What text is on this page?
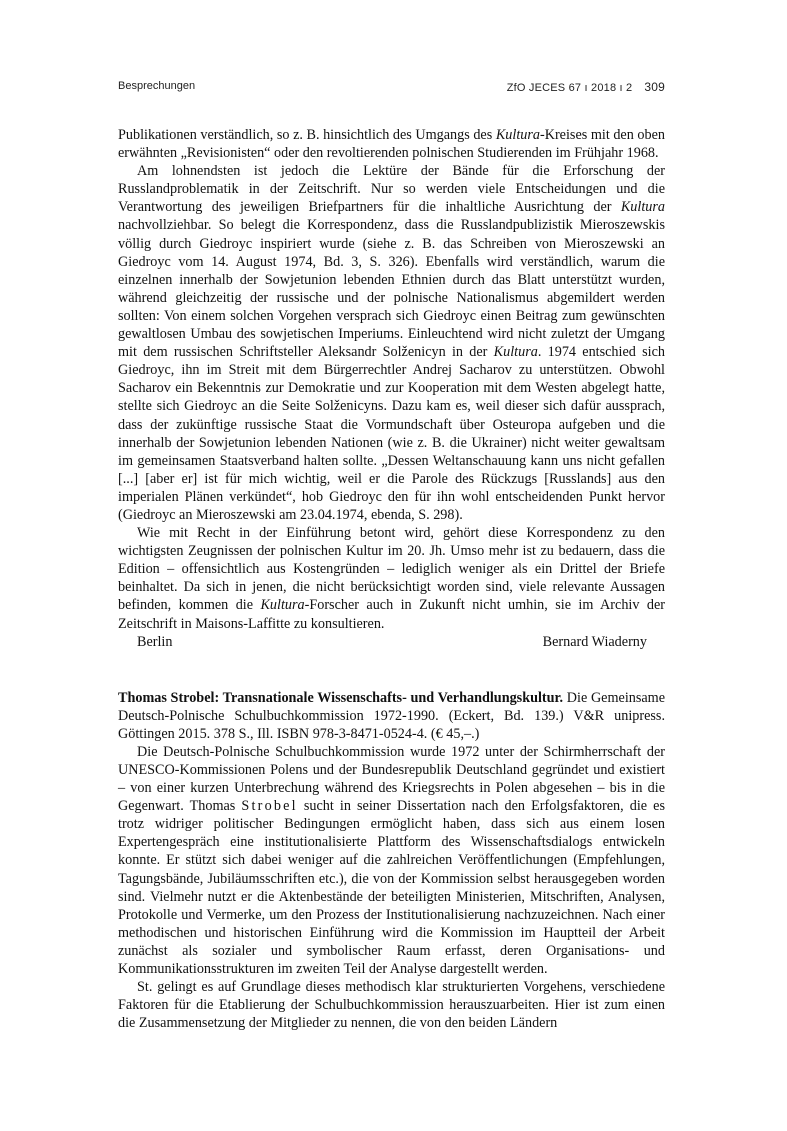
Besprechungen	ZfO JECES 67 ı 2018 ı 2 309

Publikationen verständlich, so z. B. hinsichtlich des Umgangs des Kultura-Kreises mit den oben erwähnten „Revisionisten“ oder den revoltierenden polnischen Studierenden im Frühjahr 1968.

Am lohnendsten ist jedoch die Lektüre der Bände für die Erforschung der Russlandproblematik in der Zeitschrift. Nur so werden viele Entscheidungen und die Verantwortung des jeweiligen Briefpartners für die inhaltliche Ausrichtung der Kultura nachvollziehbar. So belegt die Korrespondenz, dass die Russlandpublizistik Mieroszewskis völlig durch Giedroyc inspiriert wurde (siehe z. B. das Schreiben von Mieroszewski an Giedroyc vom 14. August 1974, Bd. 3, S. 326). Ebenfalls wird verständlich, warum die einzelnen innerhalb der Sowjetunion lebenden Ethnien durch das Blatt unterstützt wurden, während gleichzeitig der russische und der polnische Nationalismus abgemildert werden sollten: Von einem solchen Vorgehen versprach sich Giedroyc einen Beitrag zum gewünschten gewaltlosen Umbau des sowjetischen Imperiums. Einleuchtend wird nicht zuletzt der Umgang mit dem russischen Schriftsteller Aleksandr Solženicyn in der Kultura. 1974 entschied sich Giedroyc, ihn im Streit mit dem Bürgerrechtler Andrej Sacharov zu unterstützen. Obwohl Sacharov ein Bekenntnis zur Demokratie und zur Kooperation mit dem Westen abgelegt hatte, stellte sich Giedroyc an die Seite Solženicyns. Dazu kam es, weil dieser sich dafür aussprach, dass der zukünftige russische Staat die Vormundschaft über Osteuropa aufgeben und die innerhalb der Sowjetunion lebenden Nationen (wie z. B. die Ukrainer) nicht weiter gewaltsam im gemeinsamen Staatsverband halten sollte. „Dessen Weltanschauung kann uns nicht gefallen [...] [aber er] ist für mich wichtig, weil er die Parole des Rückzugs [Russlands] aus den imperialen Plänen verkündet“, hob Giedroyc den für ihn wohl entscheidenden Punkt hervor (Giedroyc an Mieroszewski am 23.04.1974, ebenda, S. 298).

Wie mit Recht in der Einführung betont wird, gehört diese Korrespondenz zu den wichtigsten Zeugnissen der polnischen Kultur im 20. Jh. Umso mehr ist zu bedauern, dass die Edition – offensichtlich aus Kostengründen – lediglich weniger als ein Drittel der Briefe beinhaltet. Da sich in jenen, die nicht berücksichtigt worden sind, viele relevante Aussagen befinden, kommen die Kultura-Forscher auch in Zukunft nicht umhin, sie im Archiv der Zeitschrift in Maisons-Laffitte zu konsultieren.

Berlin	Bernard Wiaderny

Thomas Strobel: Transnationale Wissenschafts- und Verhandlungskultur. Die Gemeinsame Deutsch-Polnische Schulbuchkommission 1972-1990. (Eckert, Bd. 139.) V&R unipress. Göttingen 2015. 378 S., Ill. ISBN 978-3-8471-0524-4. (€ 45,–.)

Die Deutsch-Polnische Schulbuchkommission wurde 1972 unter der Schirmherrschaft der UNESCO-Kommissionen Polens und der Bundesrepublik Deutschland gegründet und existiert – von einer kurzen Unterbrechung während des Kriegsrechts in Polen abgesehen – bis in die Gegenwart. Thomas Strobel sucht in seiner Dissertation nach den Erfolgsfaktoren, die es trotz widriger politischer Bedingungen ermöglicht haben, dass sich aus einem losen Expertengespräch eine institutionalisierte Plattform des Wissenschaftsdialogs entwickeln konnte. Er stützt sich dabei weniger auf die zahlreichen Veröffentlichungen (Empfehlungen, Tagungsbände, Jubiläumsschriften etc.), die von der Kommission selbst herausgegeben worden sind. Vielmehr nutzt er die Aktenbestände der beteiligten Ministerien, Mitschriften, Analysen, Protokolle und Vermerke, um den Prozess der Institutionalisierung nachzuzeichnen. Nach einer methodischen und historischen Einführung wird die Kommission im Hauptteil der Arbeit zunächst als sozialer und symbolischer Raum erfasst, deren Organisations- und Kommunikationsstrukturen im zweiten Teil der Analyse dargestellt werden.

St. gelingt es auf Grundlage dieses methodisch klar strukturierten Vorgehens, verschiedene Faktoren für die Etablierung der Schulbuchkommission herauszuarbeiten. Hier ist zum einen die Zusammensetzung der Mitglieder zu nennen, die von den beiden Ländern
